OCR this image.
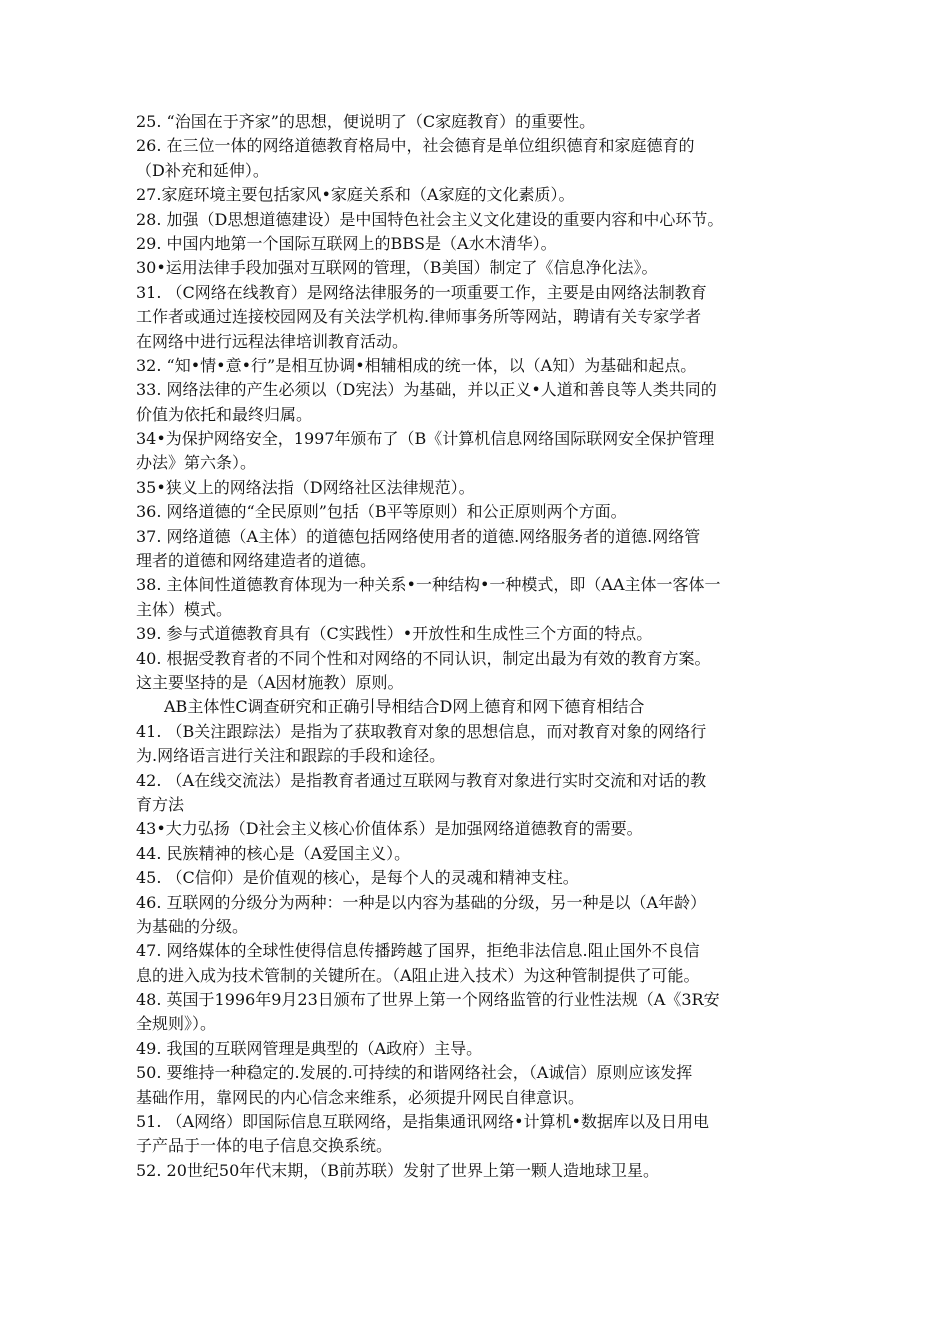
25. “治国在于齐家”的思想，便说明了（C家庭教育）的重要性。
26. 在三位一体的网络道德教育格局中，社会德育是单位组织德育和家庭德育的
（D补充和延伸）。
27.家庭环境主要包括家风•家庭关系和（A家庭的文化素质）。
28. 加强（D思想道德建设）是中国特色社会主义文化建设的重要内容和中心环节。
29. 中国内地第一个国际互联网上的BBS是（A水木清华）。
30•运用法律手段加强对互联网的管理，（B美国）制定了《信息净化法》。
31. （C网络在线教育）是网络法律服务的一项重要工作，主要是由网络法制教育
工作者或通过连接校园网及有关法学机构.律师事务所等网站，聘请有关专家学者
在网络中进行远程法律培训教育活动。
32. “知•情•意•行”是相互协调•相辅相成的统一体，以（A知）为基础和起点。
33. 网络法律的产生必须以（D宪法）为基础，并以正义•人道和善良等人类共同的
价值为依托和最终归属。
34•为保护网络安全，1997年颁布了（B《计算机信息网络国际联网安全保护管理
办法》第六条）。
35•狭义上的网络法指（D网络社区法律规范）。
36. 网络道德的“全民原则”包括（B平等原则）和公正原则两个方面。
37. 网络道德（A主体）的道德包括网络使用者的道德.网络服务者的道德.网络管
理者的道德和网络建造者的道德。
38. 主体间性道德教育体现为一种关系•一种结构•一种模式，即（AA主体一客体一
主体）模式。
39. 参与式道德教育具有（C实践性）•开放性和生成性三个方面的特点。
40. 根据受教育者的不同个性和对网络的不同认识，制定出最为有效的教育方案。
这主要坚持的是（A因材施教）原则。
AB主体性C调查研究和正确引导相结合D网上德育和网下德育相结合
41. （B关注跟踪法）是指为了获取教育对象的思想信息，而对教育对象的网络行
为.网络语言进行关注和跟踪的手段和途径。
42. （A在线交流法）是指教育者通过互联网与教育对象进行实时交流和对话的教
育方法
43•大力弘扬（D社会主义核心价值体系）是加强网络道德教育的需要。
44. 民族精神的核心是（A爱国主义）。
45. （C信仰）是价值观的核心，是每个人的灵魂和精神支柱。
46. 互联网的分级分为两种：一种是以内容为基础的分级，另一种是以（A年龄）
为基础的分级。
47. 网络媒体的全球性使得信息传播跨越了国界，拒绝非法信息.阻止国外不良信
息的进入成为技术管制的关键所在。（A阻止进入技术）为这种管制提供了可能。
48. 英国于1996年9月23日颁布了世界上第一个网络监管的行业性法规（A《3R安
全规则》）。
49. 我国的互联网管理是典型的（A政府）主导。
50. 要维持一种稳定的.发展的.可持续的和谐网络社会，（A诚信）原则应该发挥
基础作用，靠网民的内心信念来维系，必须提升网民自律意识。
51. （A网络）即国际信息互联网络，是指集通讯网络•计算机•数据库以及日用电
子产品于一体的电子信息交换系统。
52. 20世纪50年代末期，（B前苏联）发射了世界上第一颗人造地球卫星。
